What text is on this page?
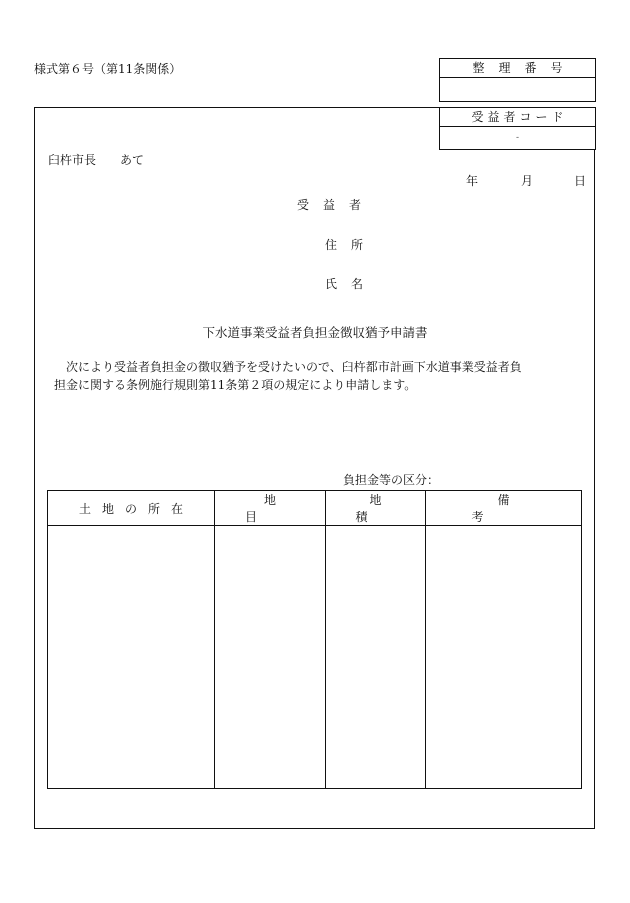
様式第６号（第11条関係）	整理番号
受益者コード
-
臼杵市長　　あて
年	月	日
受益者
住所
氏名
下水道事業受益者負担金徴収猶予申請書
次により受益者負担金の徴収猶予を受けたいので、臼杵都市計画下水道事業受益者負
担金に関する条例施行規則第11条第２項の規定により申請します。
負担金等の区分：
土地の所在	地目	地積	備考
